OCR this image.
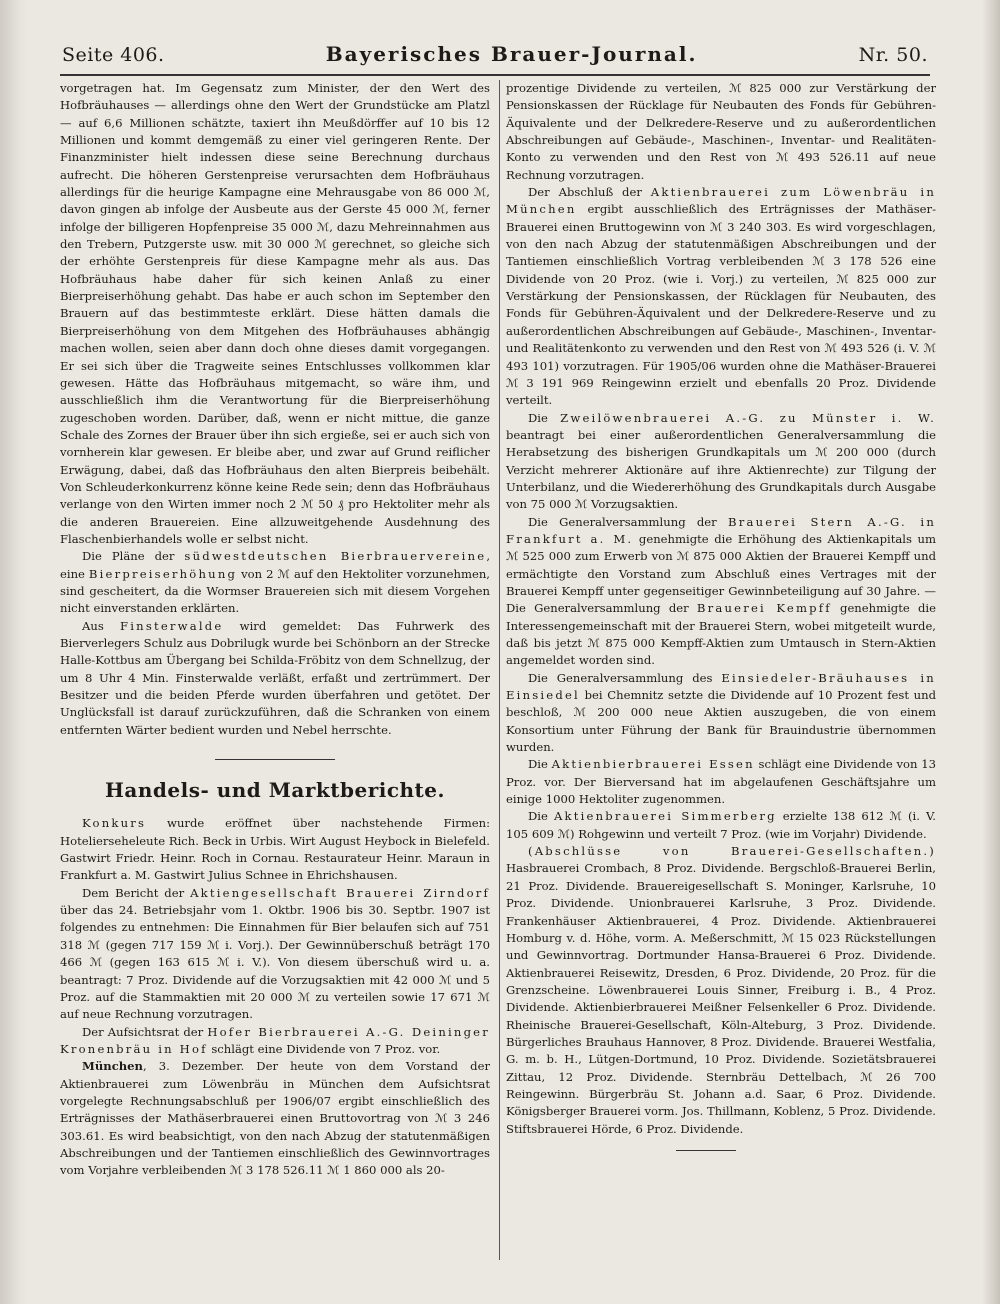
Seite 406.	Bayerisches Brauer-Journal.	Nr. 50.

vorgetragen hat. Im Gegensatz zum Minister, der den Wert des Hofbräuhauses — allerdings ohne den Wert der Grundstücke am Platzl — auf 6,6 Millionen schätzte, taxiert ihn Meußdörffer auf 10 bis 12 Millionen und kommt demgemäß zu einer viel geringeren Rente. Der Finanzminister hielt indessen diese seine Berechnung durchaus aufrecht. Die höheren Gerstenpreise verursachten dem Hofbräuhaus allerdings für die heurige Kampagne eine Mehrausgabe von 86 000 ℳ, davon gingen ab infolge der Ausbeute aus der Gerste 45 000 ℳ, ferner infolge der billigeren Hopfenpreise 35 000 ℳ, dazu Mehreinnahmen aus den Trebern, Putzgerste usw. mit 30 000 ℳ gerechnet, so gleiche sich der erhöhte Gerstenpreis für diese Kampagne mehr als aus. Das Hofbräuhaus habe daher für sich keinen Anlaß zu einer Bierpreiserhöhung gehabt. Das habe er auch schon im September den Brauern auf das bestimmteste erklärt. Diese hätten damals die Bierpreiserhöhung von dem Mitgehen des Hofbräuhauses abhängig machen wollen, seien aber dann doch ohne dieses damit vorgegangen. Er sei sich über die Tragweite seines Entschlusses vollkommen klar gewesen. Hätte das Hofbräuhaus mitgemacht, so wäre ihm, und ausschließlich ihm die Verantwortung für die Bierpreiserhöhung zugeschoben worden. Darüber, daß, wenn er nicht mittue, die ganze Schale des Zornes der Brauer über ihn sich ergieße, sei er auch sich von vornherein klar gewesen. Er bleibe aber, und zwar auf Grund reiflicher Erwägung, dabei, daß das Hofbräuhaus den alten Bierpreis beibehält. Von Schleuderkonkurrenz könne keine Rede sein; denn das Hofbräuhaus verlange von den Wirten immer noch 2 ℳ 50 ₰ pro Hektoliter mehr als die anderen Brauereien. Eine allzuweitgehende Ausdehnung des Flaschenbierhandels wolle er selbst nicht.

Die Pläne der südwestdeutschen Bierbrauervereine, eine Bierpreiserhöhung von 2 ℳ auf den Hektoliter vorzunehmen, sind gescheitert, da die Wormser Brauereien sich mit diesem Vorgehen nicht einverstanden erklärten.

Aus Finsterwalde wird gemeldet: Das Fuhrwerk des Bierverlegers Schulz aus Dobrilugk wurde bei Schönborn an der Strecke Halle-Kottbus am Übergang bei Schilda-Fröbitz von dem Schnellzug, der um 8 Uhr 4 Min. Finsterwalde verläßt, erfaßt und zertrümmert. Der Besitzer und die beiden Pferde wurden überfahren und getötet. Der Unglücksfall ist darauf zurückzuführen, daß die Schranken von einem entfernten Wärter bedient wurden und Nebel herrschte.

Handels- und Marktberichte.

Konkurs wurde eröffnet über nachstehende Firmen: Hotelierseheleute Rich. Beck in Urbis. Wirt August Heybock in Bielefeld. Gastwirt Friedr. Heinr. Roch in Cornau. Restaurateur Heinr. Maraun in Frankfurt a. M. Gastwirt Julius Schnee in Ehrichshausen.

Dem Bericht der Aktiengesellschaft Brauerei Zirndorf über das 24. Betriebsjahr vom 1. Oktbr. 1906 bis 30. Septbr. 1907 ist folgendes zu entnehmen: Die Einnahmen für Bier belaufen sich auf 751 318 ℳ (gegen 717 159 ℳ i. Vorj.). Der Gewinnüberschuß beträgt 170 466 ℳ (gegen 163 615 ℳ i. V.). Von diesem überschuß wird u. a. beantragt: 7 Proz. Dividende auf die Vorzugsaktien mit 42 000 ℳ und 5 Proz. auf die Stammaktien mit 20 000 ℳ zu verteilen sowie 17 671 ℳ auf neue Rechnung vorzutragen.

Der Aufsichtsrat der Hofer Bierbrauerei A.-G. Deininger Kronenbräu in Hof schlägt eine Dividende von 7 Proz. vor.

München, 3. Dezember. Der heute von dem Vorstand der Aktienbrauerei zum Löwenbräu in München dem Aufsichtsrat vorgelegte Rechnungsabschluß per 1906/07 ergibt einschließlich des Erträgnisses der Mathäserbrauerei einen Bruttovortrag von ℳ 3 246 303.61. Es wird beabsichtigt, von den nach Abzug der statutenmäßigen Abschreibungen und der Tantiemen einschließlich des Gewinnvortrages vom Vorjahre verbleibenden ℳ 3 178 526.11 ℳ 1 860 000 als 20-

prozentige Dividende zu verteilen, ℳ 825 000 zur Verstärkung der Pensionskassen der Rücklage für Neubauten des Fonds für Gebühren-Äquivalente und der Delkredere-Reserve und zu außerordentlichen Abschreibungen auf Gebäude-, Maschinen-, Inventar- und Realitäten-Konto zu verwenden und den Rest von ℳ 493 526.11 auf neue Rechnung vorzutragen.

Der Abschluß der Aktienbrauerei zum Löwenbräu in München ergibt ausschließlich des Erträgnisses der Mathäser-Brauerei einen Bruttogewinn von ℳ 3 240 303. Es wird vorgeschlagen, von den nach Abzug der statutenmäßigen Abschreibungen und der Tantiemen einschließlich Vortrag verbleibenden ℳ 3 178 526 eine Dividende von 20 Proz. (wie i. Vorj.) zu verteilen, ℳ 825 000 zur Verstärkung der Pensionskassen, der Rücklagen für Neubauten, des Fonds für Gebühren-Äquivalent und der Delkredere-Reserve und zu außerordentlichen Abschreibungen auf Gebäude-, Maschinen-, Inventar- und Realitätenkonto zu verwenden und den Rest von ℳ 493 526 (i. V. ℳ 493 101) vorzutragen. Für 1905/06 wurden ohne die Mathäser-Brauerei ℳ 3 191 969 Reingewinn erzielt und ebenfalls 20 Proz. Dividende verteilt.

Die Zweilöwenbrauerei A.-G. zu Münster i. W. beantragt bei einer außerordentlichen Generalversammlung die Herabsetzung des bisherigen Grundkapitals um ℳ 200 000 (durch Verzicht mehrerer Aktionäre auf ihre Aktienrechte) zur Tilgung der Unterbilanz, und die Wiedererhöhung des Grundkapitals durch Ausgabe von 75 000 ℳ Vorzugsaktien.

Die Generalversammlung der Brauerei Stern A.-G. in Frankfurt a. M. genehmigte die Erhöhung des Aktienkapitals um ℳ 525 000 zum Erwerb von ℳ 875 000 Aktien der Brauerei Kempff und ermächtigte den Vorstand zum Abschluß eines Vertrages mit der Brauerei Kempff unter gegenseitiger Gewinnbeteiligung auf 30 Jahre. — Die Generalversammlung der Brauerei Kempff genehmigte die Interessengemeinschaft mit der Brauerei Stern, wobei mitgeteilt wurde, daß bis jetzt ℳ 875 000 Kempff-Aktien zum Umtausch in Stern-Aktien angemeldet worden sind.

Die Generalversammlung des Einsiedeler-Bräuhauses in Einsiedel bei Chemnitz setzte die Dividende auf 10 Prozent fest und beschloß, ℳ 200 000 neue Aktien auszugeben, die von einem Konsortium unter Führung der Bank für Brauindustrie übernommen wurden.

Die Aktienbierbrauerei Essen schlägt eine Dividende von 13 Proz. vor. Der Bierversand hat im abgelaufenen Geschäftsjahre um einige 1000 Hektoliter zugenommen.

Die Aktienbrauerei Simmerberg erzielte 138 612 ℳ (i. V. 105 609 ℳ) Rohgewinn und verteilt 7 Proz. (wie im Vorjahr) Dividende.

(Abschlüsse von Brauerei-Gesellschaften.) Hasbrauerei Crombach, 8 Proz. Dividende. Bergschloß-Brauerei Berlin, 21 Proz. Dividende. Brauereigesellschaft S. Moninger, Karlsruhe, 10 Proz. Dividende. Unionbrauerei Karlsruhe, 3 Proz. Dividende. Frankenhäuser Aktienbrauerei, 4 Proz. Dividende. Aktienbrauerei Homburg v. d. Höhe, vorm. A. Meßerschmitt, ℳ 15 023 Rückstellungen und Gewinnvortrag. Dortmunder Hansa-Brauerei 6 Proz. Dividende. Aktienbrauerei Reisewitz, Dresden, 6 Proz. Dividende, 20 Proz. für die Grenzscheine. Löwenbrauerei Louis Sinner, Freiburg i. B., 4 Proz. Dividende. Aktienbierbrauerei Meißner Felsenkeller 6 Proz. Dividende. Rheinische Brauerei-Gesellschaft, Köln-Alteburg, 3 Proz. Dividende. Bürgerliches Brauhaus Hannover, 8 Proz. Dividende. Brauerei Westfalia, G. m. b. H., Lütgen-Dortmund, 10 Proz. Dividende. Sozietätsbrauerei Zittau, 12 Proz. Dividende. Sternbräu Dettelbach, ℳ 26 700 Reingewinn. Bürgerbräu St. Johann a.d. Saar, 6 Proz. Dividende. Königsberger Brauerei vorm. Jos. Thillmann, Koblenz, 5 Proz. Dividende. Stiftsbrauerei Hörde, 6 Proz. Dividende.
